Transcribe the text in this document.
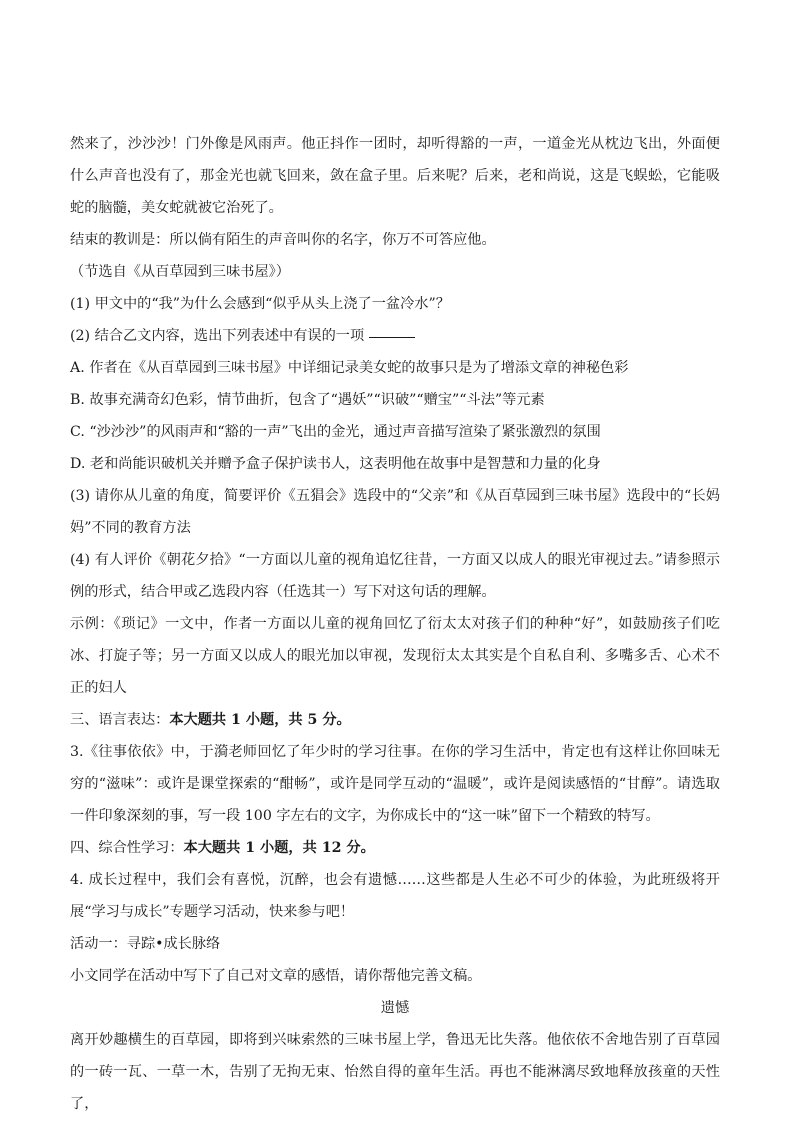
然来了，沙沙沙！门外像是风雨声。他正抖作一团时，却听得豁的一声，一道金光从枕边飞出，外面便什么声音也没有了，那金光也就飞回来，敛在盒子里。后来呢？后来，老和尚说，这是飞蜈蚣，它能吸蛇的脑髓，美女蛇就被它治死了。

结束的教训是：所以倘有陌生的声音叫你的名字，你万不可答应他。

（节选自《从百草园到三味书屋》）

(1) 甲文中的“我”为什么会感到“似乎从头上浇了一盆冷水”？

(2) 结合乙文内容，选出下列表述中有误的一项

A. 作者在《从百草园到三味书屋》中详细记录美女蛇的故事只是为了增添文章的神秘色彩

B. 故事充满奇幻色彩，情节曲折，包含了“遇妖”“识破”“赠宝”“斗法”等元素

C. “沙沙沙”的风雨声和“豁的一声”飞出的金光，通过声音描写渲染了紧张激烈的氛围

D. 老和尚能识破机关并赠予盒子保护读书人，这表明他在故事中是智慧和力量的化身

(3) 请你从儿童的角度，简要评价《五猖会》选段中的“父亲”和《从百草园到三味书屋》选段中的“长妈妈”不同的教育方法

(4) 有人评价《朝花夕拾》“一方面以儿童的视角追忆往昔，一方面又以成人的眼光审视过去。”请参照示例的形式，结合甲或乙选段内容（任选其一）写下对这句话的理解。

示例：《琐记》一文中，作者一方面以儿童的视角回忆了衍太太对孩子们的种种“好”，如鼓励孩子们吃冰、打旋子等；另一方面又以成人的眼光加以审视，发现衍太太其实是个自私自利、多嘴多舌、心术不正的妇人

三、语言表达：本大题共 1 小题，共 5 分。

3.《往事依依》中，于漪老师回忆了年少时的学习往事。在你的学习生活中，肯定也有这样让你回味无穷的“滋味”：或许是课堂探索的“酣畅”，或许是同学互动的“温暖”，或许是阅读感悟的“甘醇”。请选取一件印象深刻的事，写一段 100 字左右的文字，为你成长中的“这一味”留下一个精致的特写。

四、综合性学习：本大题共 1 小题，共 12 分。

4. 成长过程中，我们会有喜悦，沉醉，也会有遗憾……这些都是人生必不可少的体验，为此班级将开展“学习与成长”专题学习活动，快来参与吧！

活动一：寻踪•成长脉络

小文同学在活动中写下了自己对文章的感悟，请你帮他完善文稿。

遗憾

离开妙趣横生的百草园，即将到兴味索然的三味书屋上学，鲁迅无比失落。他依依不舍地告别了百草园的一砖一瓦、一草一木，告别了无拘无束、怡然自得的童年生活。再也不能淋漓尽致地释放孩童的天性了，
